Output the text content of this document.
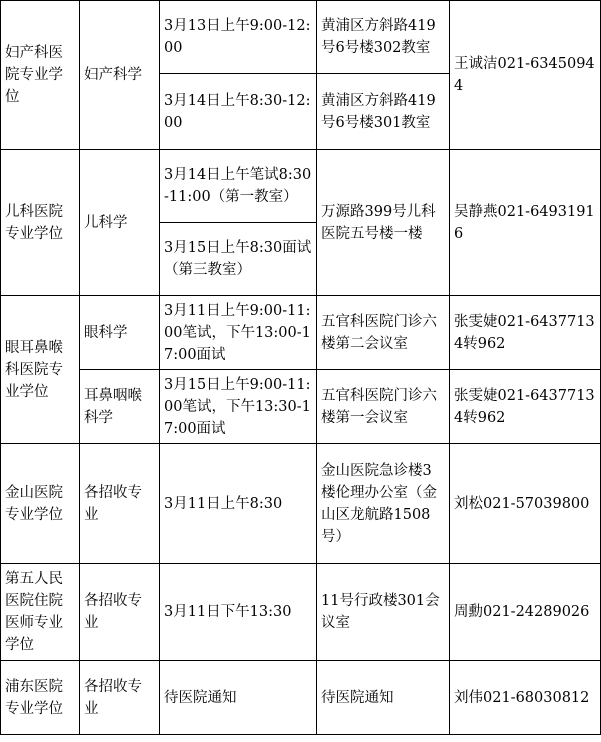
妇产科医院专业学位	妇产科学	3月13日上午9:00-12:00	黄浦区方斜路419号6号楼302教室	王诚洁021-63450944
		3月14日上午8:30-12:00	黄浦区方斜路419号6号楼301教室	
儿科医院专业学位	儿科学	3月14日上午笔试8:30-11:00（第一教室）	万源路399号儿科医院五号楼一楼	吴静燕021-64931916
		3月15日上午8:30面试（第三教室）		
眼耳鼻喉科医院专业学位	眼科学	3月11日上午9:00-11:00笔试，下午13:00-17:00面试	五官科医院门诊六楼第二会议室	张雯婕021-64377134转962
	耳鼻咽喉科学	3月15日上午9:00-11:00笔试，下午13:30-17:00面试	五官科医院门诊六楼第一会议室	张雯婕021-64377134转962
金山医院专业学位	各招收专业	3月11日上午8:30	金山医院急诊楼3楼伦理办公室（金山区龙航路1508号）	刘松021-57039800
第五人民医院住院医师专业学位	各招收专业	3月11日下午13:30	11号行政楼301会议室	周勳021-24289026
浦东医院专业学位	各招收专业	待医院通知	待医院通知	刘伟021-68030812
